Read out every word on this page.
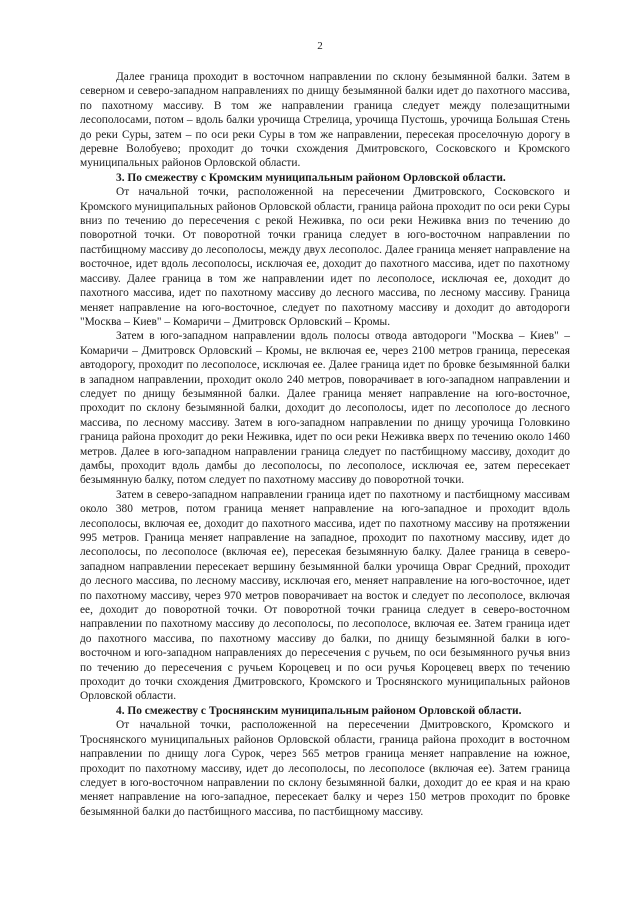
2

Далее граница проходит в восточном направлении по склону безымянной балки. Затем в северном и северо-западном направлениях по днищу безымянной балки идет до пахотного массива, по пахотному массиву. В том же направлении граница следует между полезащитными лесополосами, потом – вдоль балки урочища Стрелица, урочища Пустошь, урочища Большая Стень до реки Суры, затем – по оси реки Суры в том же направлении, пересекая проселочную дорогу в деревне Волобуево; проходит до точки схождения Дмитровского, Сосковского и Кромского муниципальных районов Орловской области.

3. По смежеству с Кромским муниципальным районом Орловской области.

От начальной точки, расположенной на пересечении Дмитровского, Сосковского и Кромского муниципальных районов Орловской области, граница района проходит по оси реки Суры вниз по течению до пересечения с рекой Неживка, по оси реки Неживка вниз по течению до поворотной точки. От поворотной точки граница следует в юго-восточном направлении по пастбищному массиву до лесополосы, между двух лесополос. Далее граница меняет направление на восточное, идет вдоль лесополосы, исключая ее, доходит до пахотного массива, идет по пахотному массиву. Далее граница в том же направлении идет по лесополосе, исключая ее, доходит до пахотного массива, идет по пахотному массиву до лесного массива, по лесному массиву. Граница меняет направление на юго-восточное, следует по пахотному массиву и доходит до автодороги "Москва – Киев" – Комаричи – Дмитровск Орловский – Кромы.

Затем в юго-западном направлении вдоль полосы отвода автодороги "Москва – Киев" – Комаричи – Дмитровск Орловский – Кромы, не включая ее, через 2100 метров граница, пересекая автодорогу, проходит по лесополосе, исключая ее. Далее граница идет по бровке безымянной балки в западном направлении, проходит около 240 метров, поворачивает в юго-западном направлении и следует по днищу безымянной балки. Далее граница меняет направление на юго-восточное, проходит по склону безымянной балки, доходит до лесополосы, идет по лесополосе до лесного массива, по лесному массиву. Затем в юго-западном направлении по днищу урочища Головкино граница района проходит до реки Неживка, идет по оси реки Неживка вверх по течению около 1460 метров. Далее в юго-западном направлении граница следует по пастбищному массиву, доходит до дамбы, проходит вдоль дамбы до лесополосы, по лесополосе, исключая ее, затем пересекает безымянную балку, потом следует по пахотному массиву до поворотной точки.

Затем в северо-западном направлении граница идет по пахотному и пастбищному массивам около 380 метров, потом граница меняет направление на юго-западное и проходит вдоль лесополосы, включая ее, доходит до пахотного массива, идет по пахотному массиву на протяжении 995 метров. Граница меняет направление на западное, проходит по пахотному массиву, идет до лесополосы, по лесополосе (включая ее), пересекая безымянную балку. Далее граница в северо-западном направлении пересекает вершину безымянной балки урочища Овраг Средний, проходит до лесного массива, по лесному массиву, исключая его, меняет направление на юго-восточное, идет по пахотному массиву, через 970 метров поворачивает на восток и следует по лесополосе, включая ее, доходит до поворотной точки. От поворотной точки граница следует в северо-восточном направлении по пахотному массиву до лесополосы, по лесополосе, включая ее. Затем граница идет до пахотного массива, по пахотному массиву до балки, по днищу безымянной балки в юго-восточном и юго-западном направлениях до пересечения с ручьем, по оси безымянного ручья вниз по течению до пересечения с ручьем Короцевец и по оси ручья Короцевец вверх по течению проходит до точки схождения Дмитровского, Кромского и Троснянского муниципальных районов Орловской области.

4. По смежеству с Троснянским муниципальным районом Орловской области.

От начальной точки, расположенной на пересечении Дмитровского, Кромского и Троснянского муниципальных районов Орловской области, граница района проходит в восточном направлении по днищу лога Сурок, через 565 метров граница меняет направление на южное, проходит по пахотному массиву, идет до лесополосы, по лесополосе (включая ее). Затем граница следует в юго-восточном направлении по склону безымянной балки, доходит до ее края и на краю меняет направление на юго-западное, пересекает балку и через 150 метров проходит по бровке безымянной балки до пастбищного массива, по пастбищному массиву.
